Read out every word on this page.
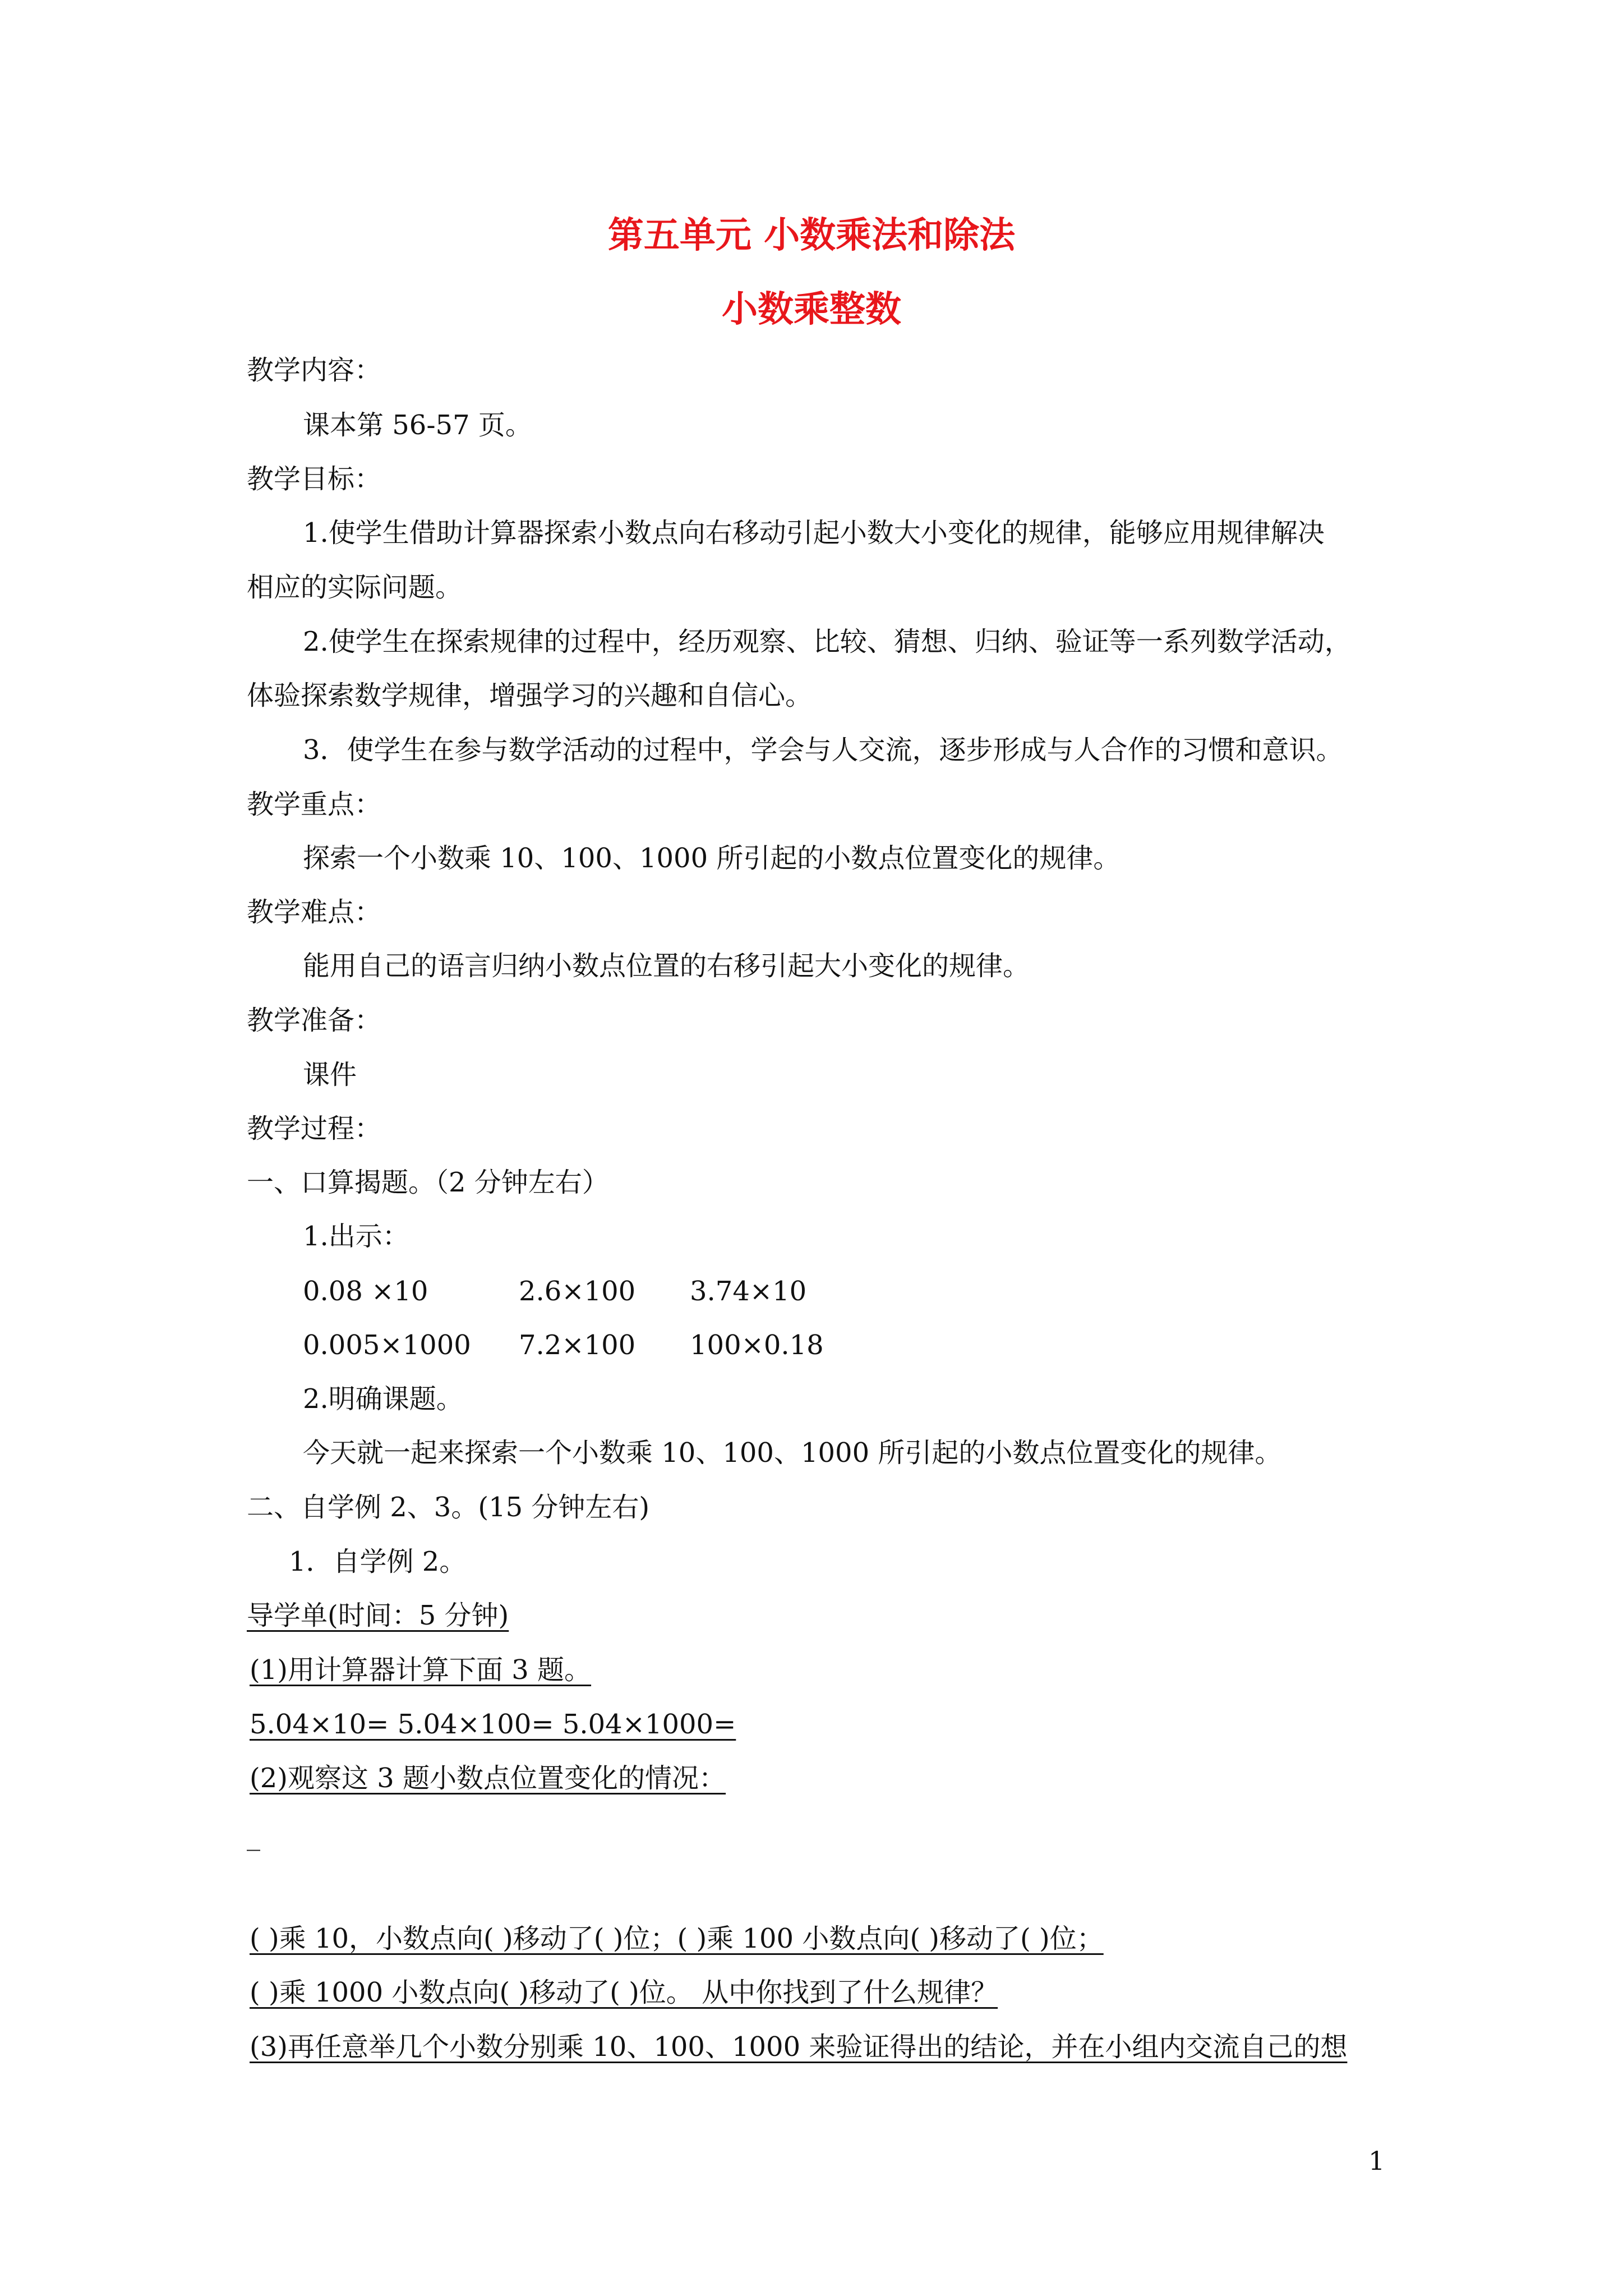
第五单元 小数乘法和除法
小数乘整数
教学内容：
课本第 56-57 页。
教学目标：
1.使学生借助计算器探索小数点向右移动引起小数大小变化的规律，能够应用规律解决
相应的实际问题。
2.使学生在探索规律的过程中，经历观察、比较、猜想、归纳、验证等一系列数学活动，
体验探索数学规律，增强学习的兴趣和自信心。
3．使学生在参与数学活动的过程中，学会与人交流，逐步形成与人合作的习惯和意识。
教学重点：
探索一个小数乘 10、100、1000 所引起的小数点位置变化的规律。
教学难点：
能用自己的语言归纳小数点位置的右移引起大小变化的规律。
教学准备：
课件
教学过程：
一、口算揭题。（2 分钟左右）
1.出示：
0.08 ×10	2.6×100 3.74×10
0.005×1000 7.2×100 100×0.18
2.明确课题。
今天就一起来探索一个小数乘 10、100、1000 所引起的小数点位置变化的规律。
二、自学例 2、3。(15 分钟左右)
1．自学例 2。
导学单(时间：5 分钟)
(1)用计算器计算下面 3 题。
5.04×10= 5.04×100= 5.04×1000=
(2)观察这 3 题小数点位置变化的情况：
_
( )乘 10，小数点向( )移动了( )位；( )乘 100 小数点向( )移动了( )位；
( )乘 1000 小数点向( )移动了( )位。 从中你找到了什么规律？
(3)再任意举几个小数分别乘 10、100、1000 来验证得出的结论，并在小组内交流自己的想
1
